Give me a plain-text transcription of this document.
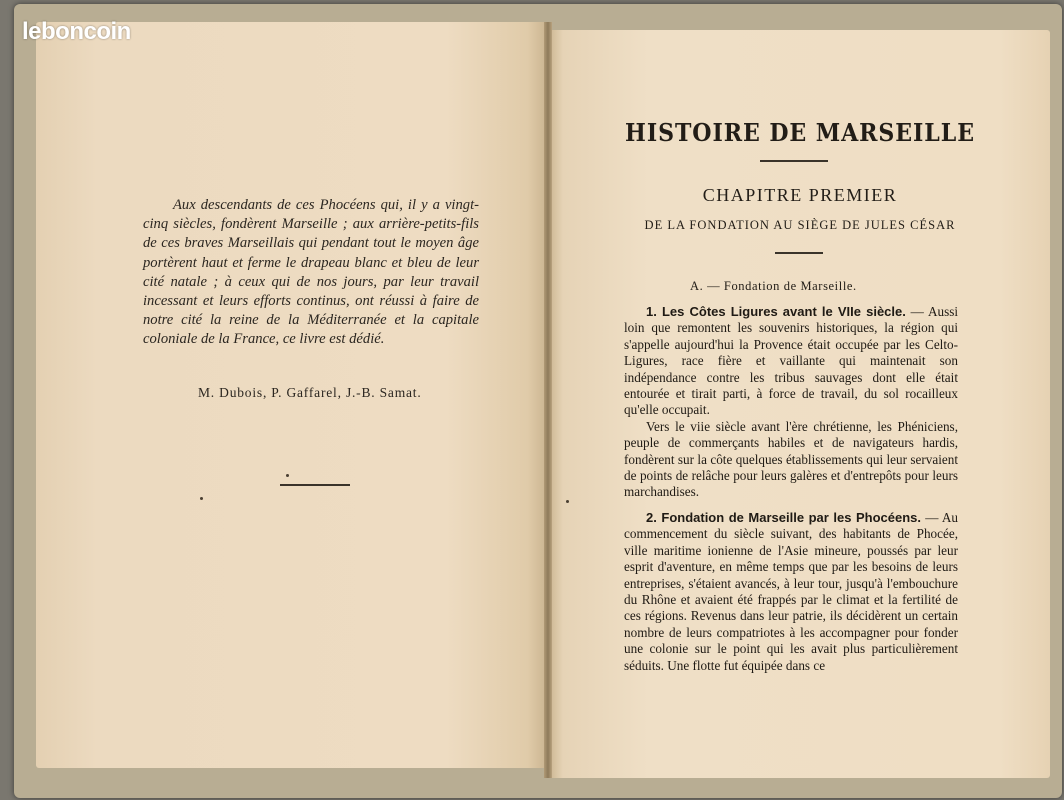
leboncoin
Aux descendants de ces Phocéens qui, il y a vingt-cinq siècles, fondèrent Marseille ; aux arrière-petits-fils de ces braves Marseillais qui pendant tout le moyen âge portèrent haut et ferme le drapeau blanc et bleu de leur cité natale ; à ceux qui de nos jours, par leur travail incessant et leurs efforts continus, ont réussi à faire de notre cité la reine de la Méditerranée et la capitale coloniale de la France, ce livre est dédié.
M. Dubois, P. Gaffarel, J.-B. Samat.
HISTOIRE DE MARSEILLE
CHAPITRE PREMIER
DE LA FONDATION AU SIÈGE DE JULES CÉSAR
A. — Fondation de Marseille.

1. Les Côtes Ligures avant le VIIe siècle. — Aussi loin que remontent les souvenirs historiques, la région qui s'appelle aujourd'hui la Provence était occupée par les Celto-Ligures, race fière et vaillante qui maintenait son indépendance contre les tribus sauvages dont elle était entourée et tirait parti, à force de travail, du sol rocailleux qu'elle occupait.

Vers le viie siècle avant l'ère chrétienne, les Phéniciens, peuple de commerçants habiles et de navigateurs hardis, fondèrent sur la côte quelques établissements qui leur servaient de points de relâche pour leurs galères et d'entrepôts pour leurs marchandises.

2. Fondation de Marseille par les Phocéens. — Au commencement du siècle suivant, des habitants de Phocée, ville maritime ionienne de l'Asie mineure, poussés par leur esprit d'aventure, en même temps que par les besoins de leurs entreprises, s'étaient avancés, à leur tour, jusqu'à l'embouchure du Rhône et avaient été frappés par le climat et la fertilité de ces régions. Revenus dans leur patrie, ils décidèrent un certain nombre de leurs compatriotes à les accompagner pour fonder une colonie sur le point qui les avait plus particulièrement séduits. Une flotte fut équipée dans ce
